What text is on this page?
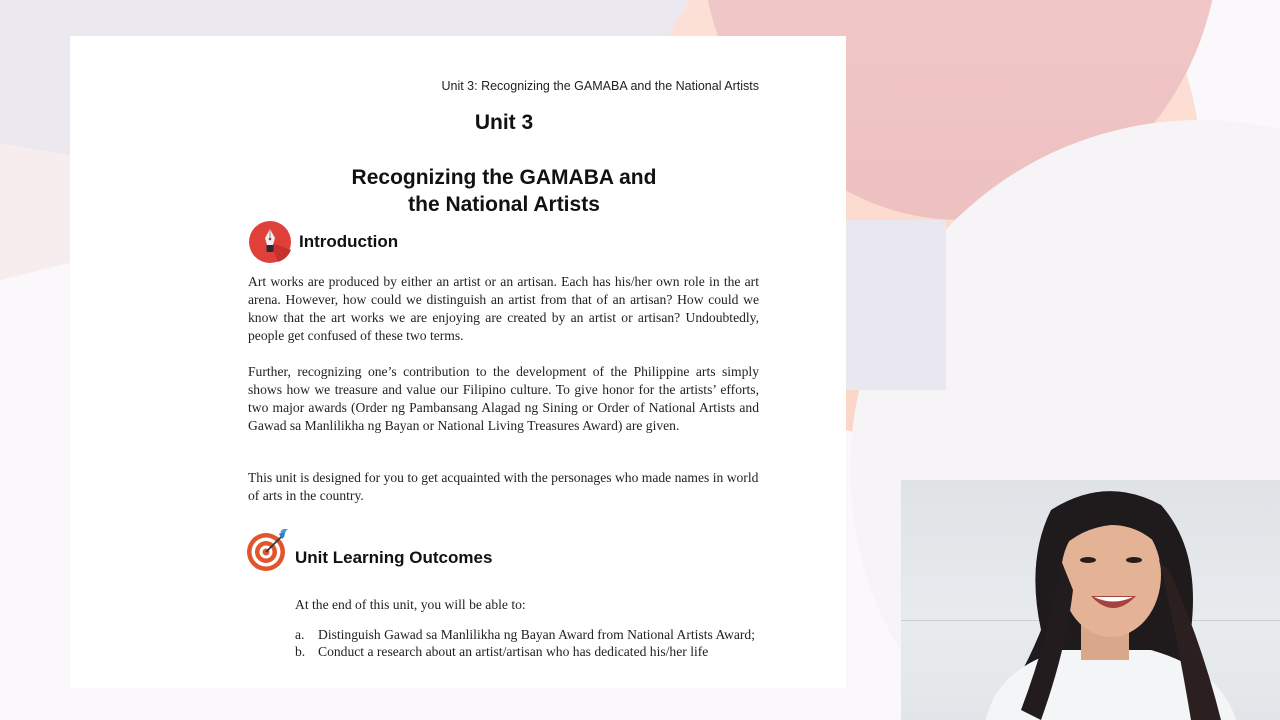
Unit 3: Recognizing the GAMABA and the National Artists
Unit 3
Recognizing the GAMABA and
the National Artists
Introduction

Art works are produced by either an artist or an artisan. Each has his/her own role in the art arena. However, how could we distinguish an artist from that of an artisan? How could we know that the art works we are enjoying are created by an artist or artisan? Undoubtedly, people get confused of these two terms.

Further, recognizing one’s contribution to the development of the Philippine arts simply shows how we treasure and value our Filipino culture. To give honor for the artists’ efforts, two major awards (Order ng Pambansang Alagad ng Sining or Order of National Artists and Gawad sa Manlilikha ng Bayan or National Living Treasures Award) are given.

This unit is designed for you to get acquainted with the personages who made names in world of arts in the country.

Unit Learning Outcomes
At the end of this unit, you will be able to:
a. Distinguish Gawad sa Manlilikha ng Bayan Award from National Artists Award;
b. Conduct a research about an artist/artisan who has dedicated his/her life
